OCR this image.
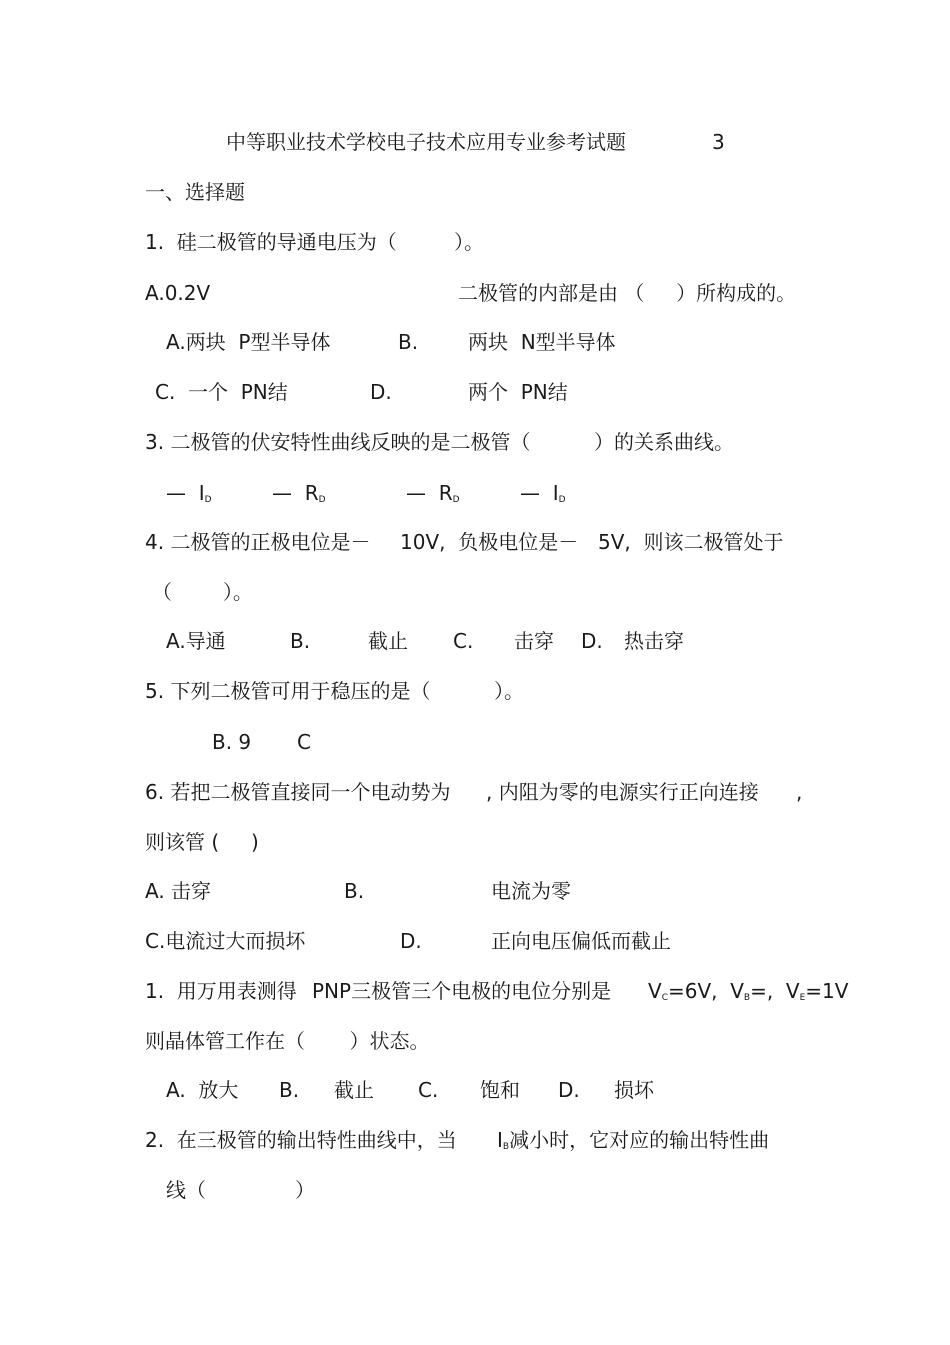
中等职业技术学校电子技术应用专业参考试题	3
一、选择题
1.  硅二极管的导通电压为（         ）。
A.0.2V	二极管的内部是由 （     ）所构成的。
A.两块  P型半导体	B. 两块  N型半导体
C.  一个  PN结	D.	两个  PN结
3. 二极管的伏安特性曲线反映的是二极管（          ）的关系曲线。
—  $I_D$	—  $R_D$	—  $R_D$	—  $I_D$
4. 二极管的正极电位是－ 10V,  负极电位是－ 5V,  则该二极管处于
（        ）。
A.导通	B.	截止 C. 击穿 D. 热击穿
5. 下列二极管可用于稳压的是（          ）。
B. 9 C
6. 若把二极管直接同一个电动势为 , 内阻为零的电源实行正向连接 ,
则该管 (     )
A. 击穿	B.	电流为零
C.电流过大而损坏	D.	正向电压偏低而截止
1.  用万用表测得 PNP三极管三个电极的电位分别是 $V_C=6V$,  $V_B=$,  $V_E=1V$
则晶体管工作在（       ）状态。
A.  放大 B. 截止 C. 饱和 D. 损坏
2.  在三极管的输出特性曲线中，当 $I_B$减小时，它对应的输出特性曲
线（              ）
